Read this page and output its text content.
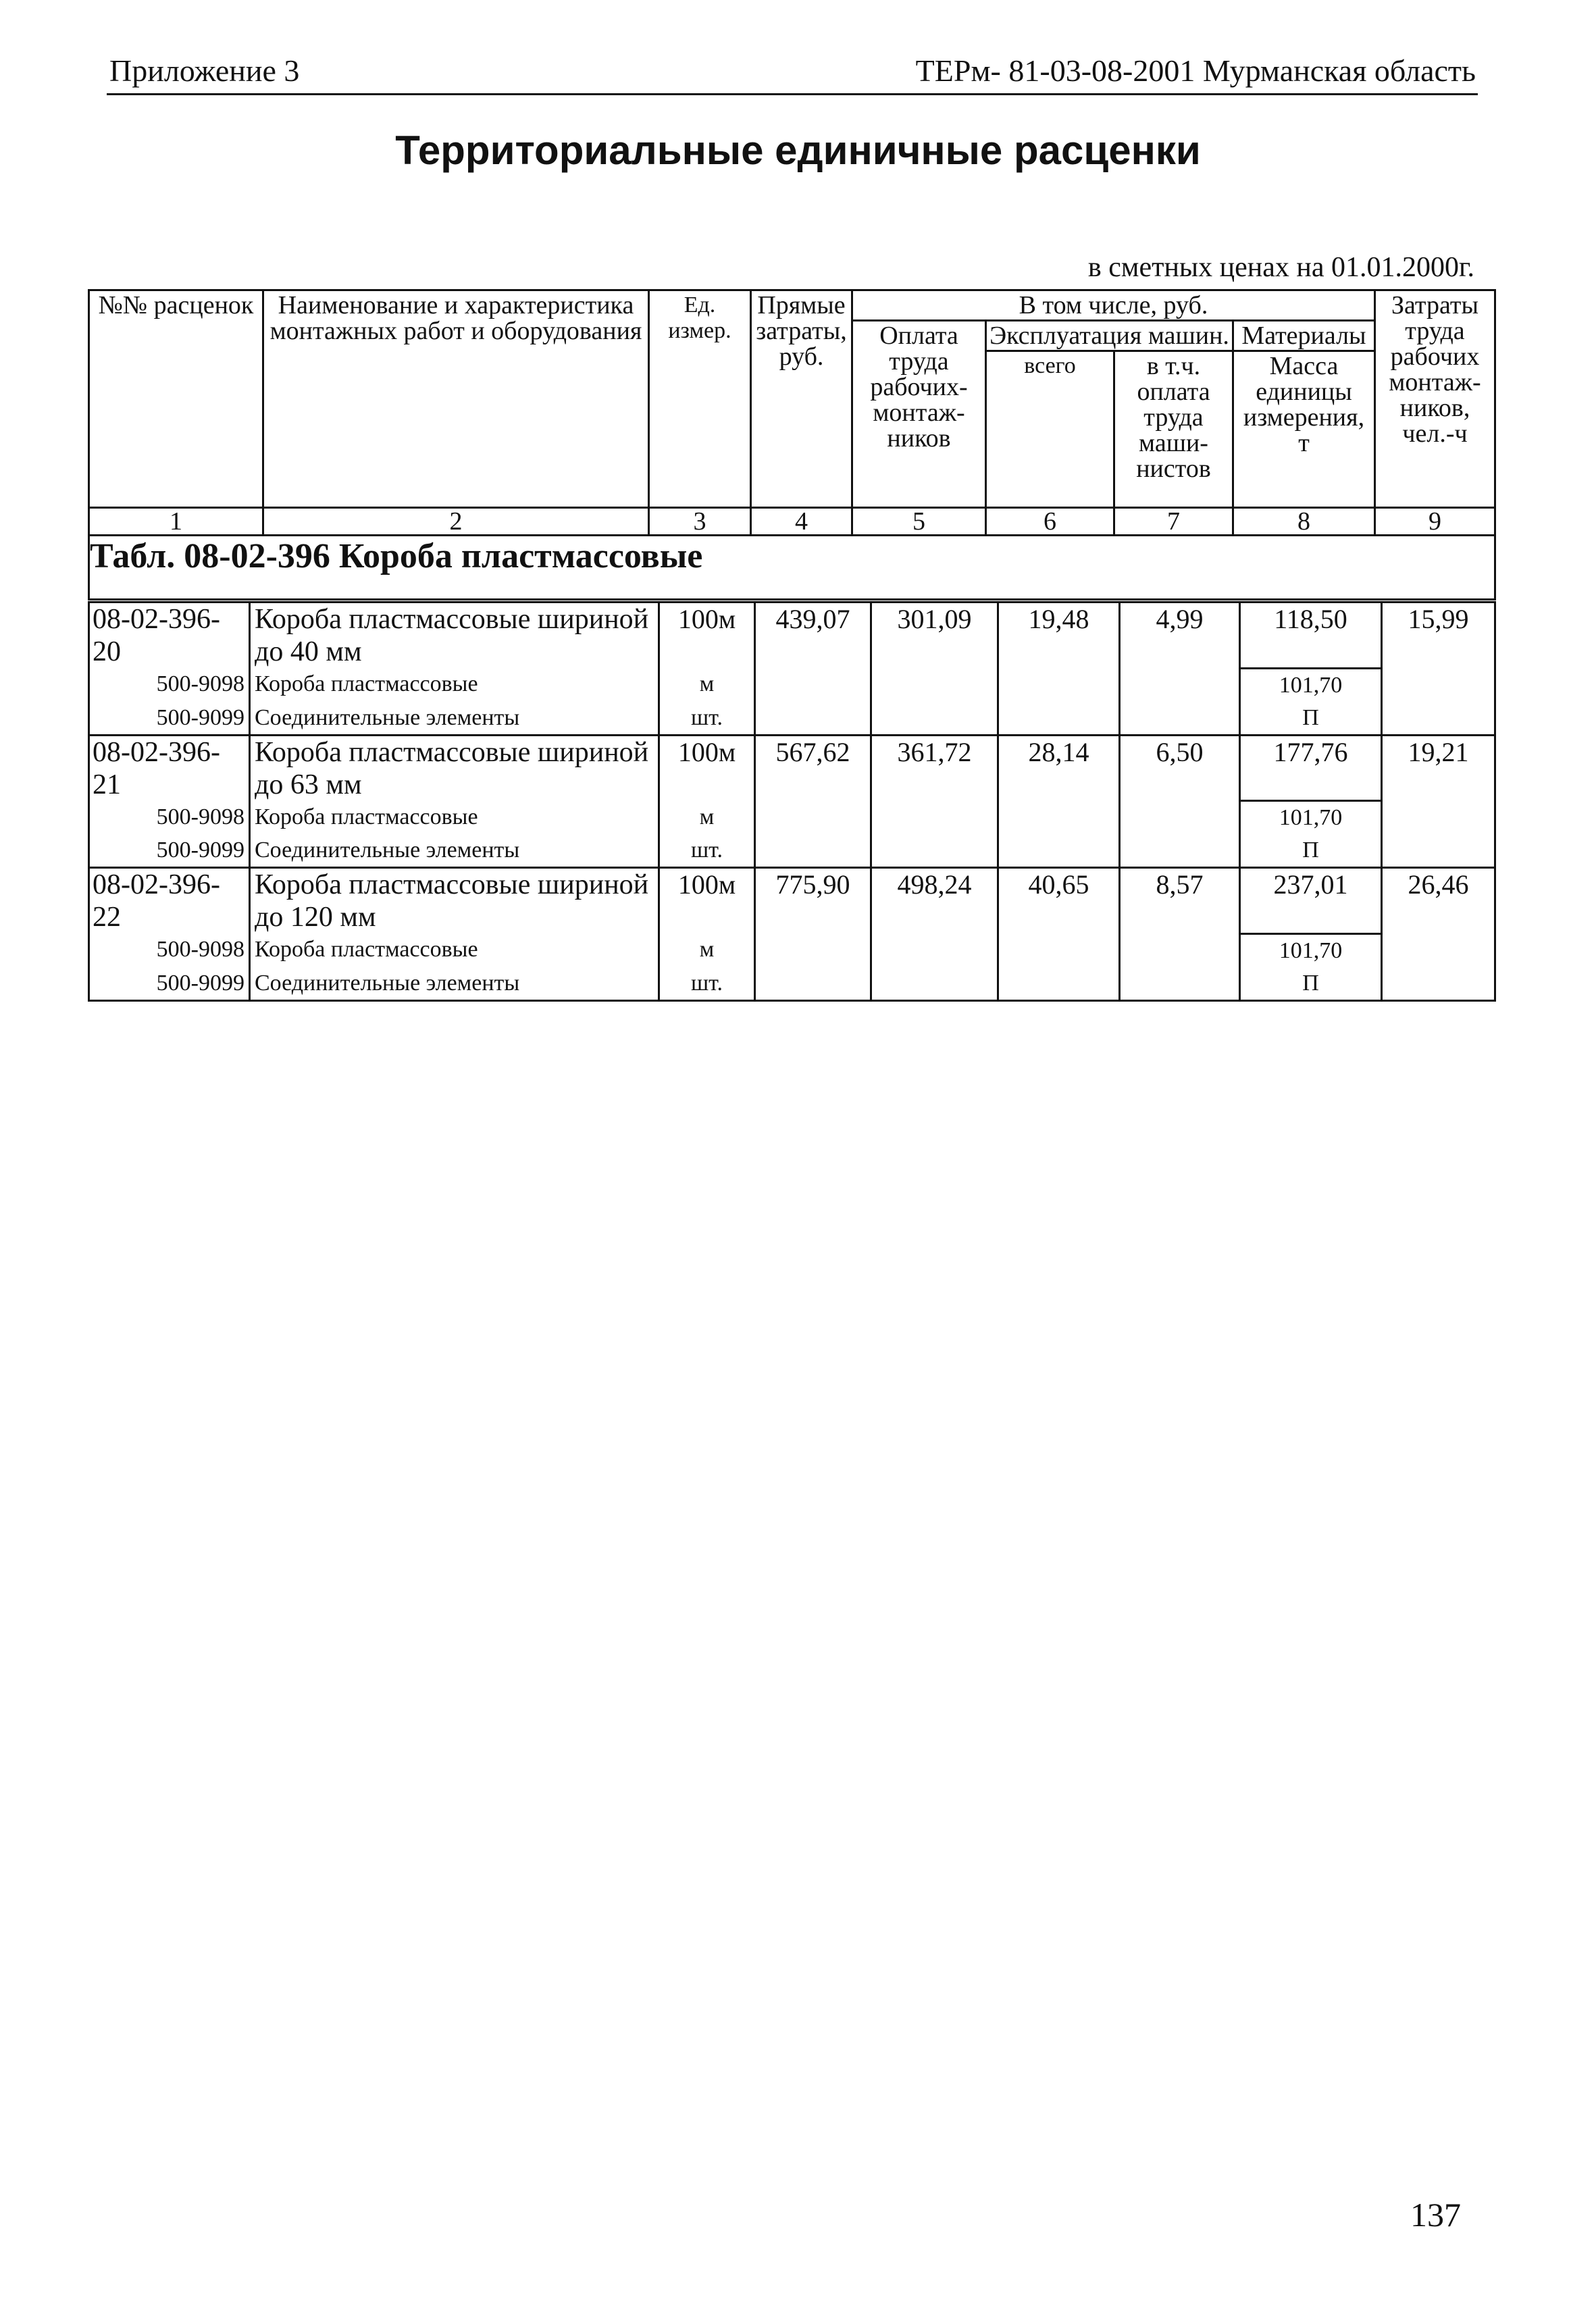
Приложение 3	ТЕРм- 81-03-08-2001 Мурманская область
Территориальные единичные расценки
в сметных ценах на 01.01.2000г.
№№ расценок	Наименование и характеристика монтажных работ и оборудования	Ед. измер.	Прямые затраты, руб.	В том числе, руб.				Затраты труда рабочих монтаж-ников, чел.-ч
				Оплата труда рабочих-монтаж-ников	Эксплуатация машин.		Материалы	
					всего	в т.ч. оплата труда маши-нистов	Масса единицы измерения, т	
1	2	3	4	5	6	7	8	9
Табл. 08-02-396 Короба пластмассовые								
08-02-396-20	Короба пластмассовые шириной до 40 мм	100м	439,07	301,09	19,48	4,99	118,50	15,99
500-9098	Короба пластмассовые	м					101,70	
500-9099	Соединительные элементы	шт.					П	
08-02-396-21	Короба пластмассовые шириной до 63 мм	100м	567,62	361,72	28,14	6,50	177,76	19,21
500-9098	Короба пластмассовые	м					101,70	
500-9099	Соединительные элементы	шт.					П	
08-02-396-22	Короба пластмассовые шириной до 120 мм	100м	775,90	498,24	40,65	8,57	237,01	26,46
500-9098	Короба пластмассовые	м					101,70	
500-9099	Соединительные элементы	шт.					П	
137
